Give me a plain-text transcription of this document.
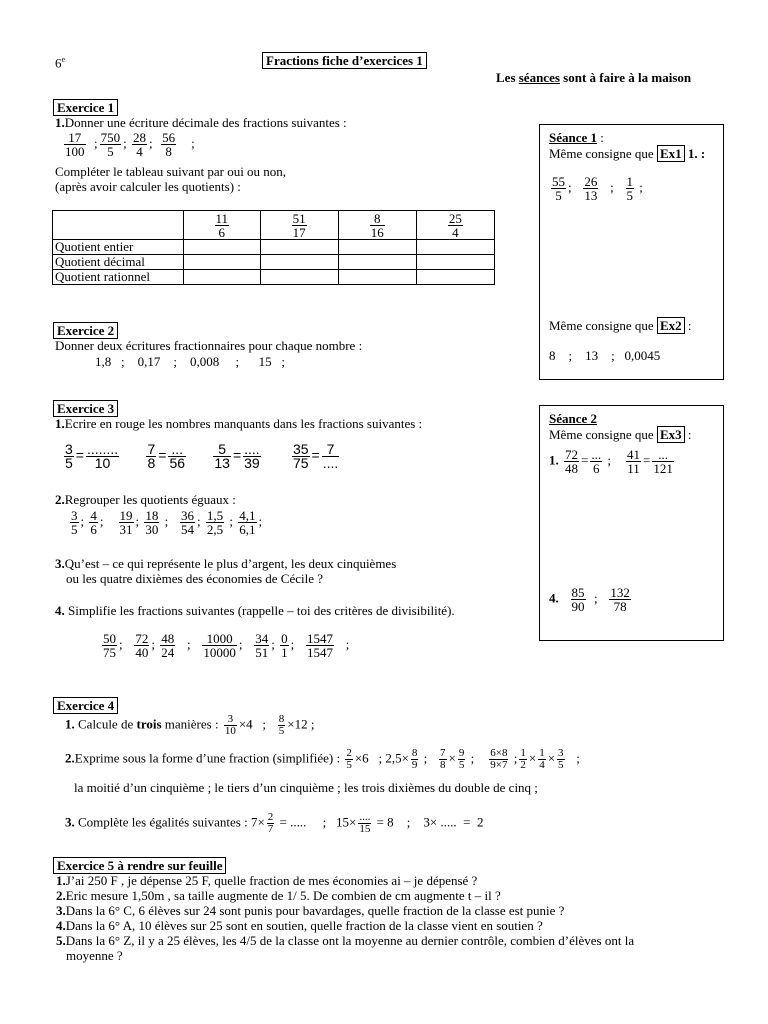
6e	Fractions fiche d’exercices 1
Les séances sont à faire à la maison
Exercice 1
1.Donner une écriture décimale des fractions suivantes :
$\frac{17}{100}$ ; $\frac{750}{5}$ ; $\frac{28}{4}$ ; $\frac{56}{8}$ ;
Compléter le tableau suivant par oui ou non,
(après avoir calculer les quotients) :

	$\frac{11}{6}$	$\frac{51}{17}$	$\frac{8}{16}$	$\frac{25}{4}$

Quotient entier				
Quotient décimal				
Quotient rationnel				
Exercice 2
Donner deux écritures fractionnaires pour chaque nombre :
1,8   ;    0,17    ;    0,008     ;      15   ;
Exercice 3
1.Ecrire en rouge les nombres manquants dans les fractions suivantes :
$\frac{3}{5}$ = ........
10
	$\frac{7}{8}$ = ...
56
$\frac{5}{13}$ = ....
39
$\frac{35}{75} = 7$
....
2.Regrouper les quotients éguaux :
$\frac{3}{5}$ ; $\frac{4}{6}$ ; $\frac{19}{31}$ ; $\frac{18}{30}$ ; $\frac{36}{54}$ ; $\frac{1,5}{2,5}$ ; $\frac{4,1}{6,1}$ ;
3.Qu’est – ce qui représente le plus d’argent, les deux cinquièmes
ou les quatre dixièmes des économies de Cécile ?
4. Simplifie les fractions suivantes (rappelle – toi des critères de divisibilité).
$\frac{50}{75}$ ; $\frac{72}{40}$ ; $\frac{48}{24}$ ; $\frac{1000}{10000}$ ; $\frac{34}{51}$ ; $\frac{0}{1}$ ; $\frac{1547}{1547}$ ;
Exercice 4
1. Calcule de trois manières : $\frac{3}{10} \times 4$   ; $\frac{8}{5} \times 12$ ;
2.Exprime sous la forme d’une fraction (simplifiée) : $\frac{2}{5} \times 6$   ; $2,5\times \frac{8}{9}$ ; $\frac{7}{8} \times \frac{9}{5}$ ; $\frac{6\times 8}{9\times 7}$ ; $\frac{1}{2} \times \frac{1}{4} \times \frac{3}{5}$ ;
la moitié d’un cinquième ; le tiers d’un cinquième ; les trois dixièmes du double de cinq ;
3. Complète les égalités suivantes : $7\times \frac{2}{7}$ = .....     ;   15× ....
15 = 8    ;    3× .....  =  2
Exercice 5 à rendre sur feuille
1.J’ai 250 F , je dépense 25 F, quelle fraction de mes économies ai – je dépensé ?
2.Eric mesure 1,50m , sa taille augmente de 1/ 5. De combien de cm augmente t – il ?
3.Dans la 6° C, 6 élèves sur 24 sont punis pour bavardages, quelle fraction de la classe est punie ?
4.Dans la 6° A, 10 élèves sur 25 sont en soutien, quelle fraction de la classe vient en soutien ?
5.Dans la 6° Z, il y a 25 élèves, les 4/5 de la classe ont la moyenne au dernier contrôle, combien d’élèves ont la
moyenne ?
Séance 1 :
Même consigne que Ex1 1. :
$\frac{55}{5}$ ; $\frac{26}{13}$ ; $\frac{1}{5}$ ;
Même consigne que Ex2 :
8    ;    13    ;   0,0045
Séance 2
Même consigne que Ex3 :
1. $\frac{72}{48}$ = ...
6
; $\frac{41}{11}$ = ...
121
4. $\frac{85}{90}$ ; $\frac{132}{78}$
